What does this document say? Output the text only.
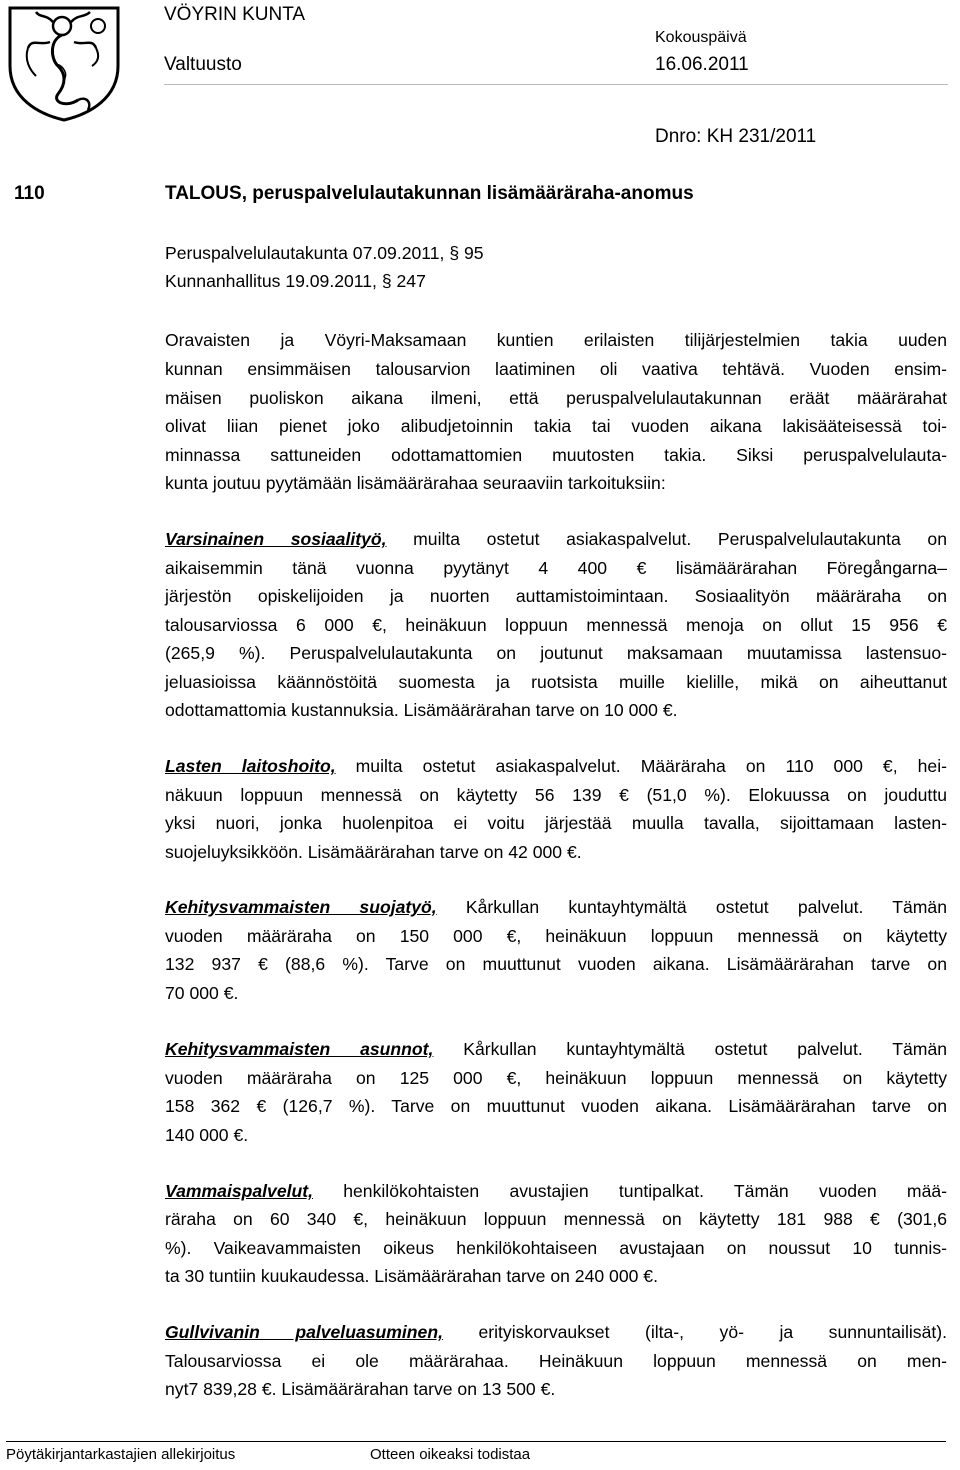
VÖYRIN KUNTA
Valtuusto
Kokouspäivä
16.06.2011
Dnro: KH 231/2011
110	TALOUS, peruspalvelulautakunnan lisämääräraha-anomus
Peruspalvelulautakunta 07.09.2011, § 95
Kunnanhallitus 19.09.2011, § 247
Oravaisten ja Vöyri-Maksamaan kuntien erilaisten tilijärjestelmien takia uuden
kunnan ensimmäisen talousarvion laatiminen oli vaativa tehtävä. Vuoden ensim-
mäisen puoliskon aikana ilmeni, että peruspalvelulautakunnan eräät määrärahat
olivat liian pienet joko alibudjetoinnin takia tai vuoden aikana lakisääteisessä toi-
minnassa sattuneiden odottamattomien muutosten takia. Siksi peruspalvelulauta-
kunta joutuu pyytämään lisämäärärahaa seuraaviin tarkoituksiin:
Varsinainen sosiaalityö, muilta ostetut asiakaspalvelut. Peruspalvelulautakunta on
aikaisemmin tänä vuonna pyytänyt 4 400 € lisämäärärahan Föregångarna–
järjestön opiskelijoiden ja nuorten auttamistoimintaan. Sosiaalityön määräraha on
talousarviossa 6 000 €, heinäkuun loppuun mennessä menoja on ollut 15 956 €
(265,9 %). Peruspalvelulautakunta on joutunut maksamaan muutamissa lastensuo-
jeluasioissa käännöstöitä suomesta ja ruotsista muille kielille, mikä on aiheuttanut
odottamattomia kustannuksia. Lisämäärärahan tarve on 10 000 €.
Lasten laitoshoito, muilta ostetut asiakaspalvelut. Määräraha on 110 000 €, hei-
näkuun loppuun mennessä on käytetty 56 139 € (51,0 %). Elokuussa on jouduttu
yksi nuori, jonka huolenpitoa ei voitu järjestää muulla tavalla, sijoittamaan lasten-
suojeluyksikköön. Lisämäärärahan tarve on 42 000 €.
Kehitysvammaisten suojatyö, Kårkullan kuntayhtymältä ostetut palvelut. Tämän
vuoden määräraha on 150 000 €, heinäkuun loppuun mennessä on käytetty
132 937 € (88,6 %). Tarve on muuttunut vuoden aikana. Lisämäärärahan tarve on
70 000 €.
Kehitysvammaisten asunnot, Kårkullan kuntayhtymältä ostetut palvelut. Tämän
vuoden määräraha on 125 000 €, heinäkuun loppuun mennessä on käytetty
158 362 € (126,7 %). Tarve on muuttunut vuoden aikana. Lisämäärärahan tarve on
140 000 €.
Vammaispalvelut, henkilökohtaisten avustajien tuntipalkat. Tämän vuoden mää-
räraha on 60 340 €, heinäkuun loppuun mennessä on käytetty 181 988 € (301,6
%). Vaikeavammaisten oikeus henkilökohtaiseen avustajaan on noussut 10 tunnis-
ta 30 tuntiin kuukaudessa. Lisämäärärahan tarve on 240 000 €.
Gullvivanin palveluasuminen, erityiskorvaukset (ilta-, yö- ja sunnuntailisät).
Talousarviossa ei ole määrärahaa. Heinäkuun loppuun mennessä on men-
nyt7 839,28 €. Lisämäärärahan tarve on 13 500 €.
Pöytäkirjantarkastajien allekirjoitus	Otteen oikeaksi todistaa
